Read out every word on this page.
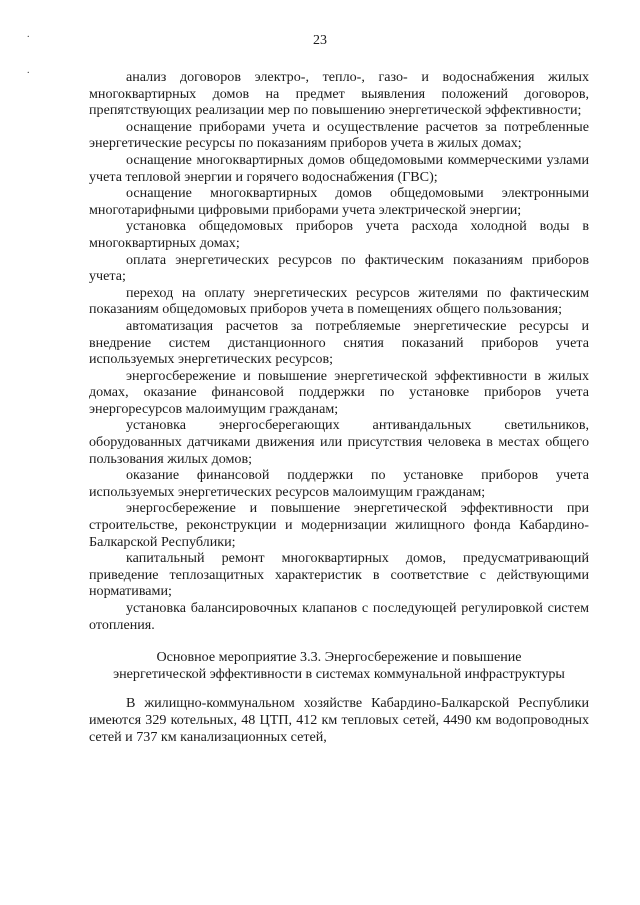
.
.
23

анализ договоров электро-, тепло-, газо- и водоснабжения жилых многоквартирных домов на предмет выявления положений договоров, препятствующих реализации мер по повышению энергетической эффективности;

оснащение приборами учета и осуществление расчетов за потребленные энергетические ресурсы по показаниям приборов учета в жилых домах;

оснащение многоквартирных домов общедомовыми коммерческими узлами учета тепловой энергии и горячего водоснабжения (ГВС);

оснащение многоквартирных домов общедомовыми электронными многотарифными цифровыми приборами учета электрической энергии;

установка общедомовых приборов учета расхода холодной воды в многоквартирных домах;

оплата энергетических ресурсов по фактическим показаниям приборов учета;

переход на оплату энергетических ресурсов жителями по фактическим показаниям общедомовых приборов учета в помещениях общего пользования;

автоматизация расчетов за потребляемые энергетические ресурсы и внедрение систем дистанционного снятия показаний приборов учета используемых энергетических ресурсов;

энергосбережение и повышение энергетической эффективности в жилых домах, оказание финансовой поддержки по установке приборов учета энергоресурсов малоимущим гражданам;

установка энергосберегающих антивандальных светильников, оборудованных датчиками движения или присутствия человека в местах общего пользования жилых домов;

оказание финансовой поддержки по установке приборов учета используемых энергетических ресурсов малоимущим гражданам;

энергосбережение и повышение энергетической эффективности при строительстве, реконструкции и модернизации жилищного фонда Кабардино-Балкарской Республики;

капитальный ремонт многоквартирных домов, предусматривающий приведение теплозащитных характеристик в соответствие с действующими нормативами;

установка балансировочных клапанов с последующей регулировкой систем отопления.

Основное мероприятие 3.3. Энергосбережение и повышение
энергетической эффективности в системах коммунальной инфраструктуры

В жилищно-коммунальном хозяйстве Кабардино-Балкарской Республики имеются 329 котельных, 48 ЦТП, 412 км тепловых сетей, 4490 км водопроводных сетей и 737 км канализационных сетей,
